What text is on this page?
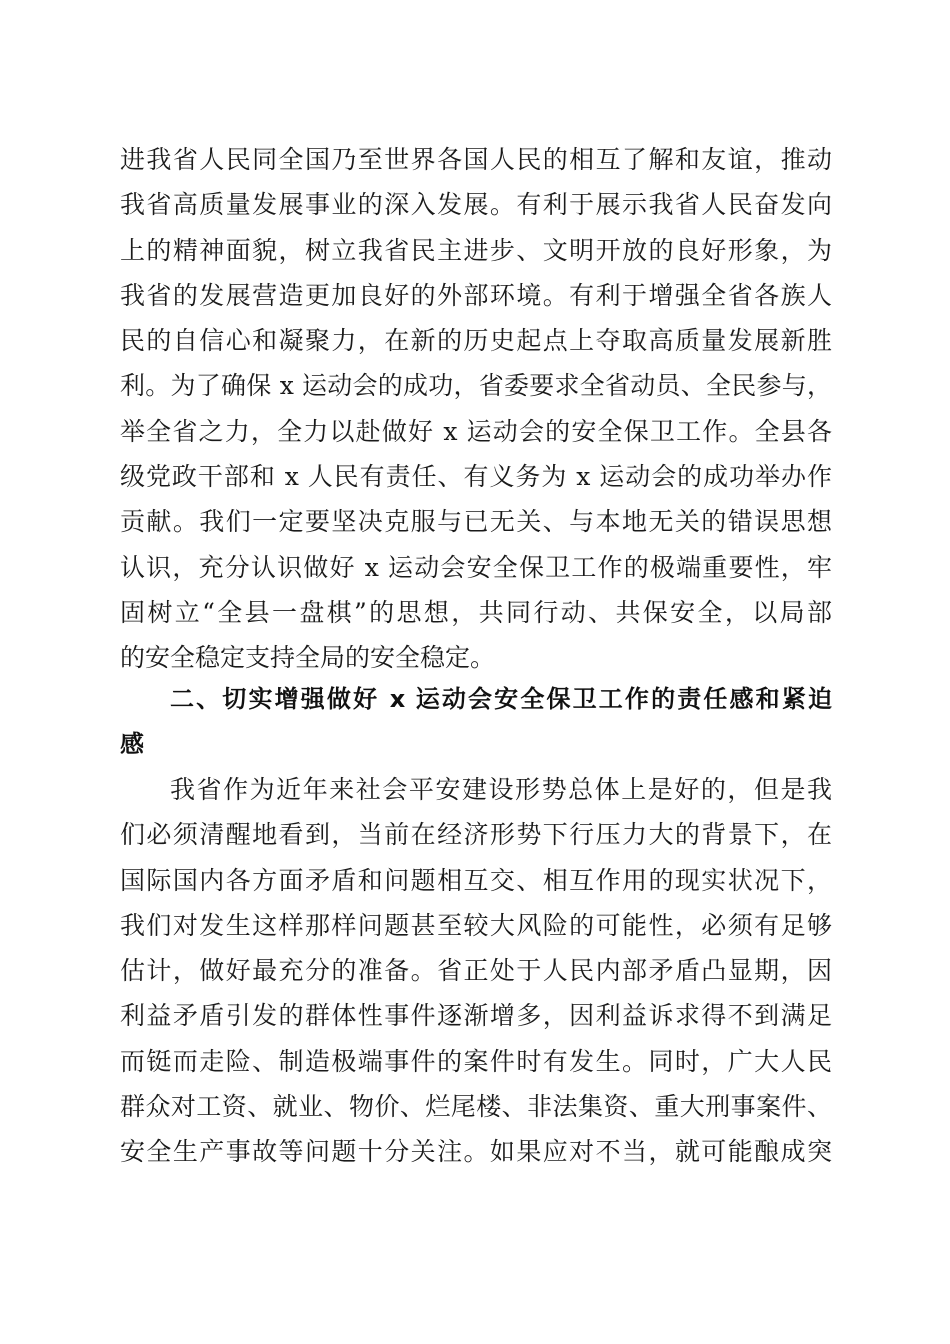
进我省人民同全国乃至世界各国人民的相互了解和友谊，推动
我省高质量发展事业的深入发展。有利于展示我省人民奋发向
上的精神面貌，树立我省民主进步、文明开放的良好形象，为
我省的发展营造更加良好的外部环境。有利于增强全省各族人
民的自信心和凝聚力，在新的历史起点上夺取高质量发展新胜
利。为了确保 x 运动会的成功，省委要求全省动员、全民参与，
举全省之力，全力以赴做好 x 运动会的安全保卫工作。全县各
级党政干部和 x 人民有责任、有义务为 x 运动会的成功举办作
贡献。我们一定要坚决克服与已无关、与本地无关的错误思想
认识，充分认识做好 x 运动会安全保卫工作的极端重要性，牢
固树立“全县一盘棋”的思想，共同行动、共保安全，以局部
的安全稳定支持全局的安全稳定。
二、切实增强做好 x 运动会安全保卫工作的责任感和紧迫
感
我省作为近年来社会平安建设形势总体上是好的，但是我
们必须清醒地看到，当前在经济形势下行压力大的背景下，在
国际国内各方面矛盾和问题相互交、相互作用的现实状况下，
我们对发生这样那样问题甚至较大风险的可能性，必须有足够
估计，做好最充分的准备。省正处于人民内部矛盾凸显期，因
利益矛盾引发的群体性事件逐渐增多，因利益诉求得不到满足
而铤而走险、制造极端事件的案件时有发生。同时，广大人民
群众对工资、就业、物价、烂尾楼、非法集资、重大刑事案件、
安全生产事故等问题十分关注。如果应对不当，就可能酿成突
